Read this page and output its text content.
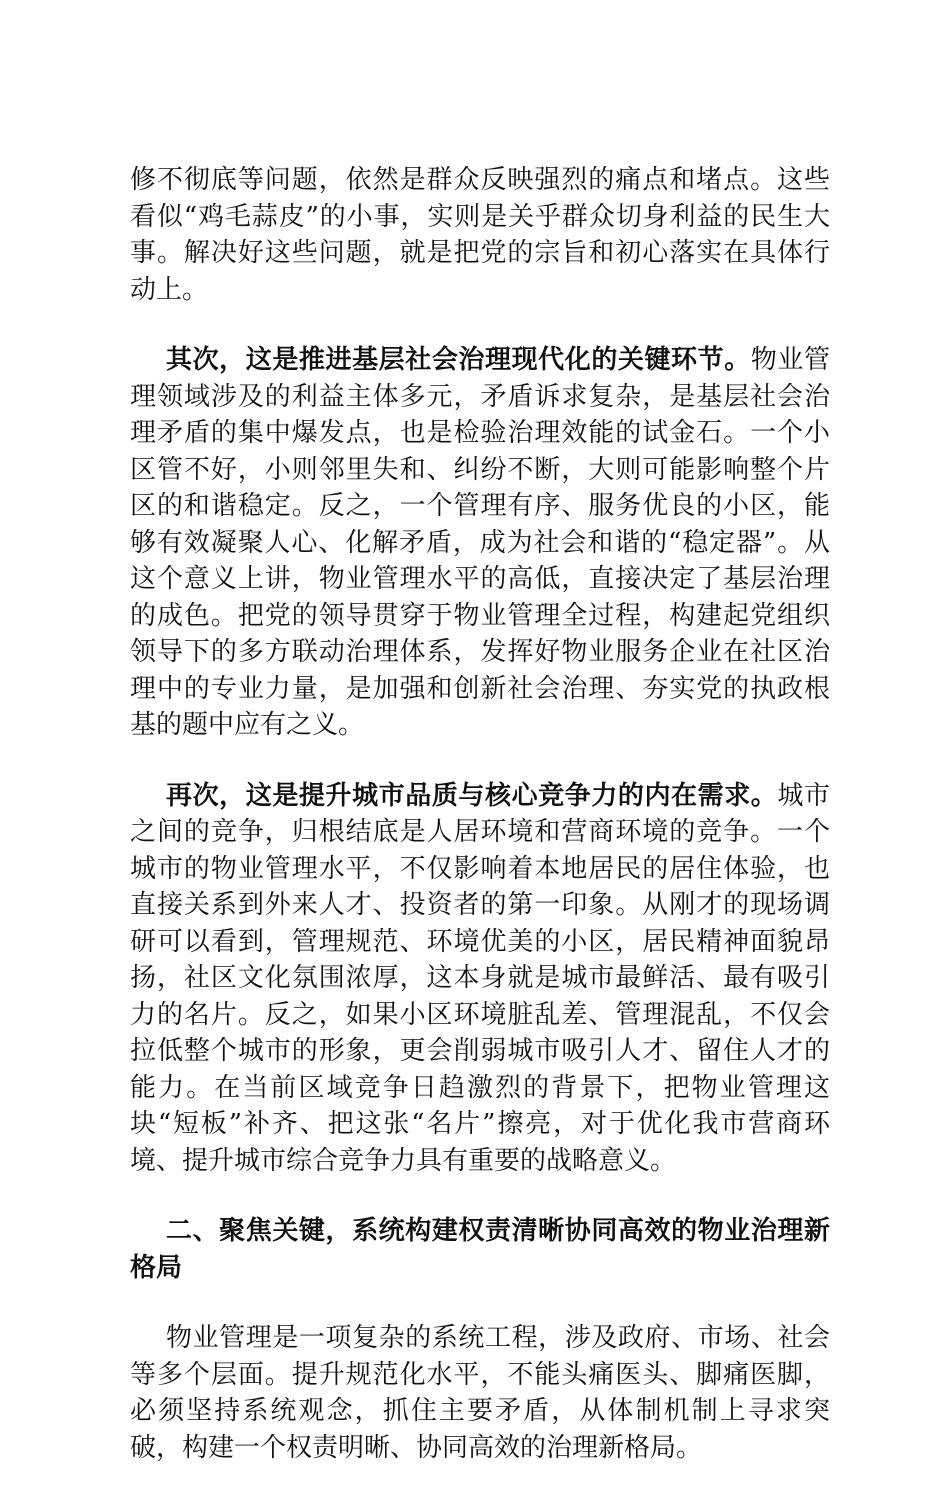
修不彻底等问题，依然是群众反映强烈的痛点和堵点。这些看似“鸡毛蒜皮”的小事，实则是关乎群众切身利益的民生大事。解决好这些问题，就是把党的宗旨和初心落实在具体行动上。

其次，这是推进基层社会治理现代化的关键环节。物业管理领域涉及的利益主体多元，矛盾诉求复杂，是基层社会治理矛盾的集中爆发点，也是检验治理效能的试金石。一个小区管不好，小则邻里失和、纠纷不断，大则可能影响整个片区的和谐稳定。反之，一个管理有序、服务优良的小区，能够有效凝聚人心、化解矛盾，成为社会和谐的“稳定器”。从这个意义上讲，物业管理水平的高低，直接决定了基层治理的成色。把党的领导贯穿于物业管理全过程，构建起党组织领导下的多方联动治理体系，发挥好物业服务企业在社区治理中的专业力量，是加强和创新社会治理、夯实党的执政根基的题中应有之义。

再次，这是提升城市品质与核心竞争力的内在需求。城市之间的竞争，归根结底是人居环境和营商环境的竞争。一个城市的物业管理水平，不仅影响着本地居民的居住体验，也直接关系到外来人才、投资者的第一印象。从刚才的现场调研可以看到，管理规范、环境优美的小区，居民精神面貌昂扬，社区文化氛围浓厚，这本身就是城市最鲜活、最有吸引力的名片。反之，如果小区环境脏乱差、管理混乱，不仅会拉低整个城市的形象，更会削弱城市吸引人才、留住人才的能力。在当前区域竞争日趋激烈的背景下，把物业管理这块“短板”补齐、把这张“名片”擦亮，对于优化我市营商环境、提升城市综合竞争力具有重要的战略意义。

二、聚焦关键，系统构建权责清晰协同高效的物业治理新格局

物业管理是一项复杂的系统工程，涉及政府、市场、社会等多个层面。提升规范化水平，不能头痛医头、脚痛医脚，必须坚持系统观念，抓住主要矛盾，从体制机制上寻求突破，构建一个权责明晰、协同高效的治理新格局。
